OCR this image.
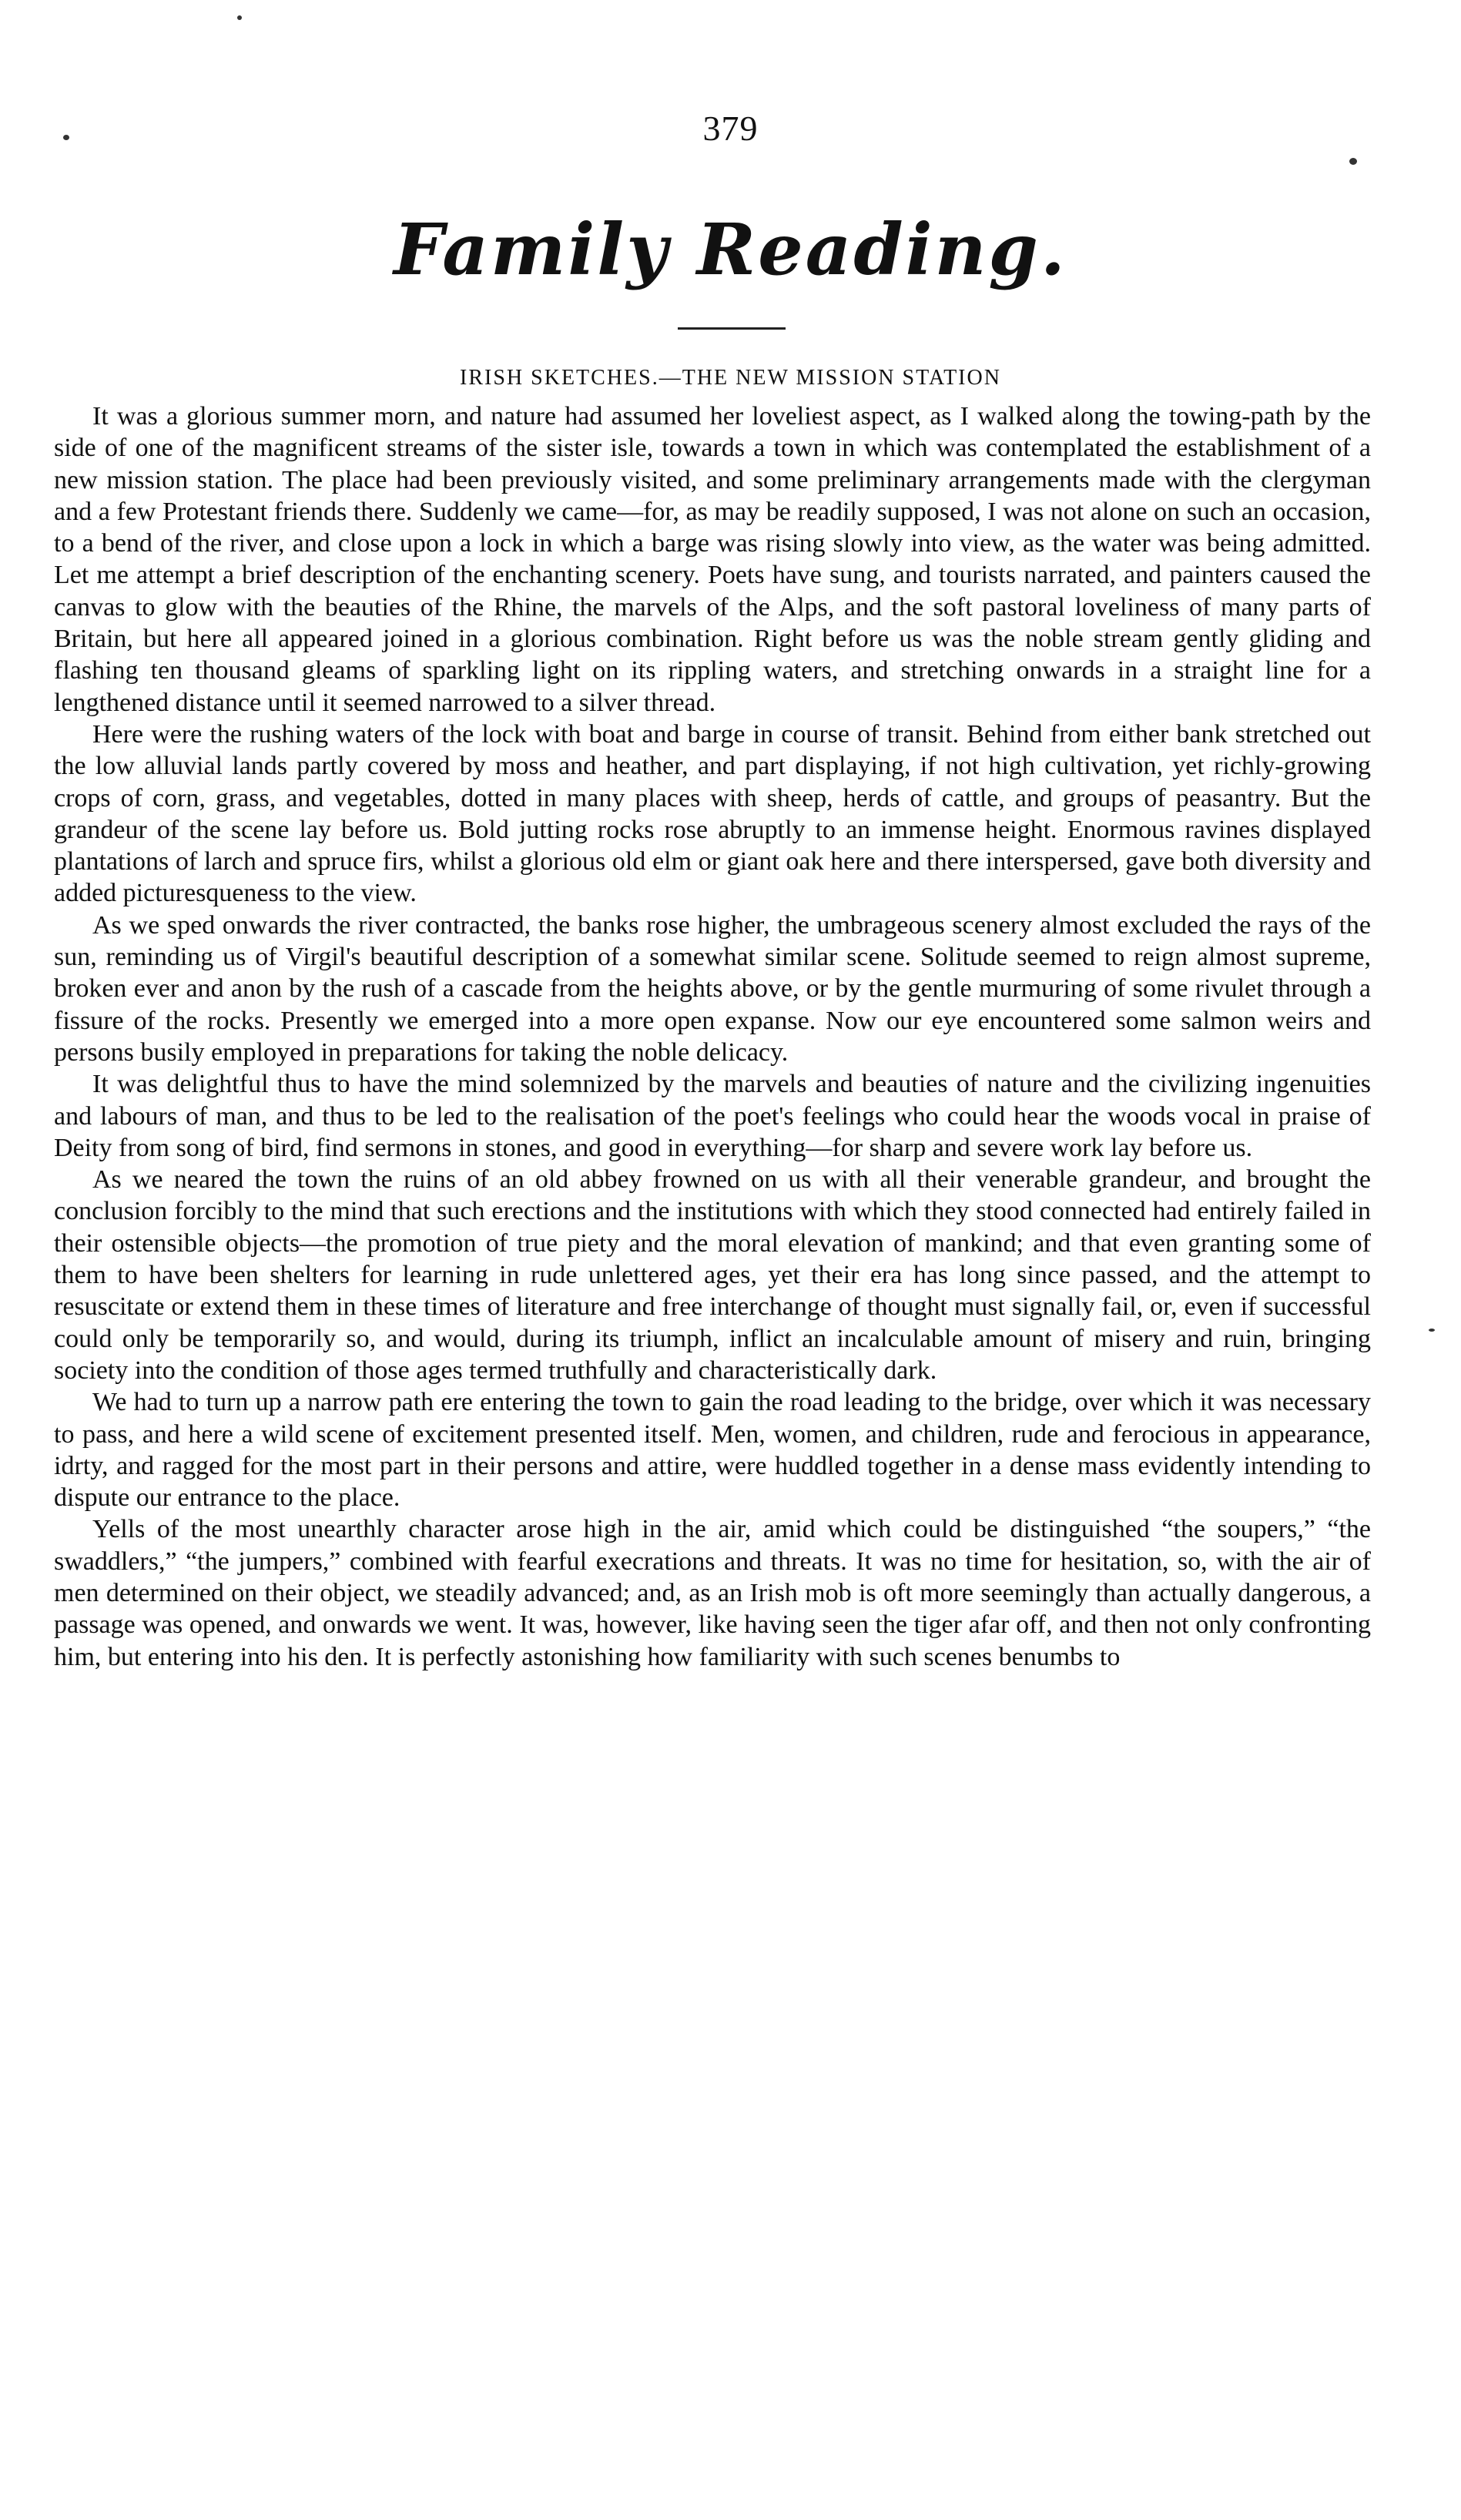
379
Family Reading.
IRISH SKETCHES.—THE NEW MISSION STATION

It was a glorious summer morn, and nature had assumed her loveliest aspect, as I walked along the towing-path by the side of one of the magnificent streams of the sister isle, towards a town in which was contemplated the establishment of a new mission station. The place had been previously visited, and some preliminary arrangements made with the clergyman and a few Protestant friends there. Suddenly we came—for, as may be readily supposed, I was not alone on such an occasion, to a bend of the river, and close upon a lock in which a barge was rising slowly into view, as the water was being admitted. Let me attempt a brief description of the enchanting scenery. Poets have sung, and tourists narrated, and painters caused the canvas to glow with the beauties of the Rhine, the marvels of the Alps, and the soft pastoral loveliness of many parts of Britain, but here all appeared joined in a glorious combination. Right before us was the noble stream gently gliding and flashing ten thousand gleams of sparkling light on its rippling waters, and stretching onwards in a straight line for a lengthened distance until it seemed narrowed to a silver thread.

Here were the rushing waters of the lock with boat and barge in course of transit. Behind from either bank stretched out the low alluvial lands partly covered by moss and heather, and part displaying, if not high cultivation, yet richly-growing crops of corn, grass, and vegetables, dotted in many places with sheep, herds of cattle, and groups of peasantry. But the grandeur of the scene lay before us. Bold jutting rocks rose abruptly to an immense height. Enormous ravines displayed plantations of larch and spruce firs, whilst a glorious old elm or giant oak here and there interspersed, gave both diversity and added picturesqueness to the view.

As we sped onwards the river contracted, the banks rose higher, the umbrageous scenery almost excluded the rays of the sun, reminding us of Virgil's beautiful description of a somewhat similar scene. Solitude seemed to reign almost supreme, broken ever and anon by the rush of a cascade from the heights above, or by the gentle murmuring of some rivulet through a fissure of the rocks. Presently we emerged into a more open expanse. Now our eye encountered some salmon weirs and persons busily employed in preparations for taking the noble delicacy.

It was delightful thus to have the mind solemnized by the marvels and beauties of nature and the civilizing ingenuities and labours of man, and thus to be led to the realisation of the poet's feelings who could hear the woods vocal in praise of Deity from song of bird, find sermons in stones, and good in everything—for sharp and severe work lay before us.

As we neared the town the ruins of an old abbey frowned on us with all their venerable grandeur, and brought the conclusion forcibly to the mind that such erections and the institutions with which they stood connected had entirely failed in their ostensible objects—the promotion of true piety and the moral elevation of mankind; and that even granting some of them to have been shelters for learning in rude unlettered ages, yet their era has long since passed, and the attempt to resuscitate or extend them in these times of literature and free interchange of thought must signally fail, or, even if successful could only be temporarily so, and would, during its triumph, inflict an incalculable amount of misery and ruin, bringing society into the condition of those ages termed truthfully and characteristically dark.

We had to turn up a narrow path ere entering the town to gain the road leading to the bridge, over which it was necessary to pass, and here a wild scene of excitement presented itself. Men, women, and children, rude and ferocious in appearance, idrty, and ragged for the most part in their persons and attire, were huddled together in a dense mass evidently intending to dispute our entrance to the place.

Yells of the most unearthly character arose high in the air, amid which could be distinguished “the soupers,” “the swaddlers,” “the jumpers,” combined with fearful execrations and threats. It was no time for hesitation, so, with the air of men determined on their object, we steadily advanced; and, as an Irish mob is oft more seemingly than actually dangerous, a passage was opened, and onwards we went. It was, however, like having seen the tiger afar off, and then not only confronting him, but entering into his den. It is perfectly astonishing how familiarity with such scenes benumbs to
